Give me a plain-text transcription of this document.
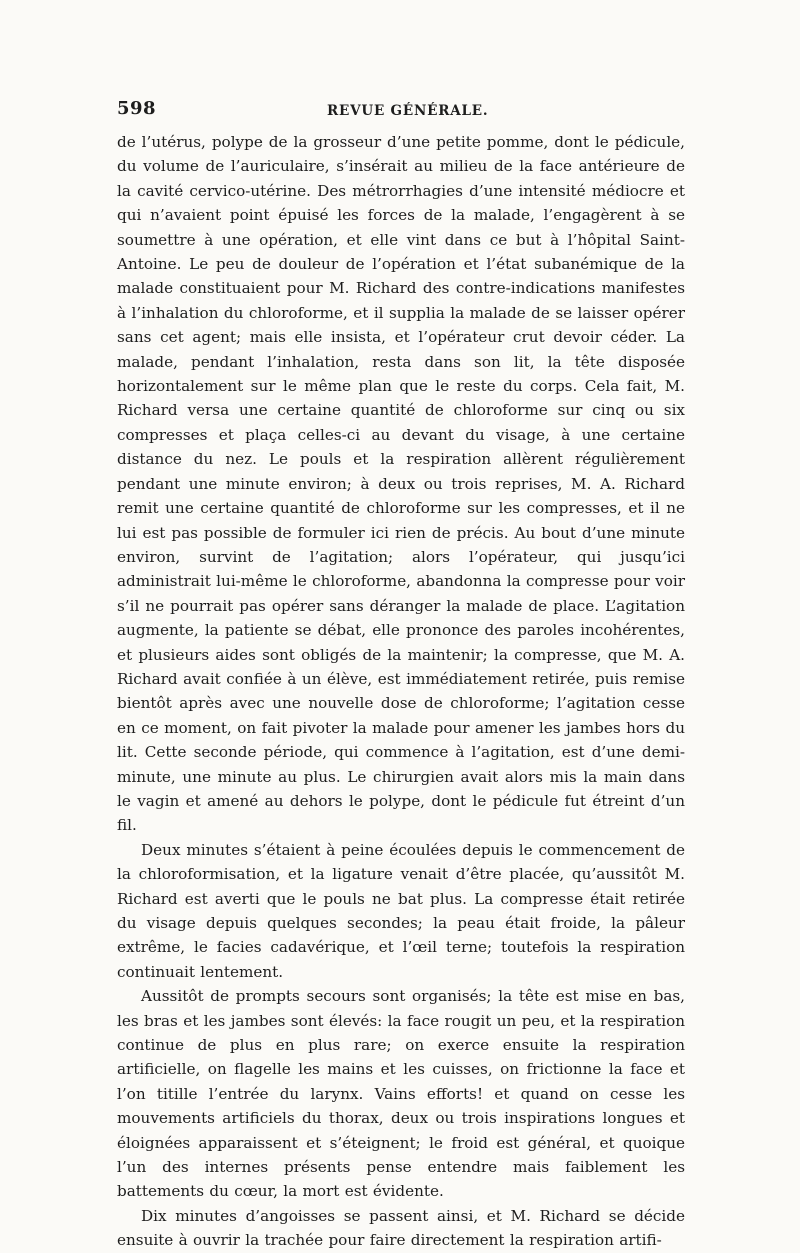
598	REVUE GÉNÉRALE.

de l’utérus, polype de la grosseur d’une petite pomme, dont le pédicule, du volume de l’auriculaire, s’insérait au milieu de la face antérieure de la cavité cervico-utérine. Des métrorrhagies d’une intensité médiocre et qui n’avaient point épuisé les forces de la malade, l’engagèrent à se soumettre à une opération, et elle vint dans ce but à l’hôpital Saint-Antoine. Le peu de douleur de l’opération et l’état subanémique de la malade constituaient pour M. Richard des contre-indications manifestes à l’inhalation du chloroforme, et il supplia la malade de se laisser opérer sans cet agent; mais elle insista, et l’opérateur crut devoir céder. La malade, pendant l’inhalation, resta dans son lit, la tête disposée horizontalement sur le même plan que le reste du corps. Cela fait, M. Richard versa une certaine quantité de chloroforme sur cinq ou six compresses et plaça celles-ci au devant du visage, à une certaine distance du nez. Le pouls et la respiration allèrent régulièrement pendant une minute environ; à deux ou trois reprises, M. A. Richard remit une certaine quantité de chloroforme sur les compresses, et il ne lui est pas possible de formuler ici rien de précis. Au bout d’une minute environ, survint de l’agitation; alors l’opérateur, qui jusqu’ici administrait lui-même le chloroforme, abandonna la compresse pour voir s’il ne pourrait pas opérer sans déranger la malade de place. L’agitation augmente, la patiente se débat, elle prononce des paroles incohérentes, et plusieurs aides sont obligés de la maintenir; la compresse, que M. A. Richard avait confiée à un élève, est immédiatement retirée, puis remise bientôt après avec une nouvelle dose de chloroforme; l’agitation cesse en ce moment, on fait pivoter la malade pour amener les jambes hors du lit. Cette seconde période, qui commence à l’agitation, est d’une demi-minute, une minute au plus. Le chirurgien avait alors mis la main dans le vagin et amené au dehors le polype, dont le pédicule fut étreint d’un fil.

Deux minutes s’étaient à peine écoulées depuis le commencement de la chloroformisation, et la ligature venait d’être placée, qu’aussitôt M. Richard est averti que le pouls ne bat plus. La compresse était retirée du visage depuis quelques secondes; la peau était froide, la pâleur extrême, le facies cadavérique, et l’œil terne; toutefois la respiration continuait lentement.

Aussitôt de prompts secours sont organisés; la tête est mise en bas, les bras et les jambes sont élevés: la face rougit un peu, et la respiration continue de plus en plus rare; on exerce ensuite la respiration artificielle, on flagelle les mains et les cuisses, on frictionne la face et l’on titille l’entrée du larynx. Vains efforts! et quand on cesse les mouvements artificiels du thorax, deux ou trois inspirations longues et éloignées apparaissent et s’éteignent; le froid est général, et quoique l’un des internes présents pense entendre mais faiblement les battements du cœur, la mort est évidente.

Dix minutes d’angoisses se passent ainsi, et M. Richard se décide ensuite à ouvrir la trachée pour faire directement la respiration artifi-
